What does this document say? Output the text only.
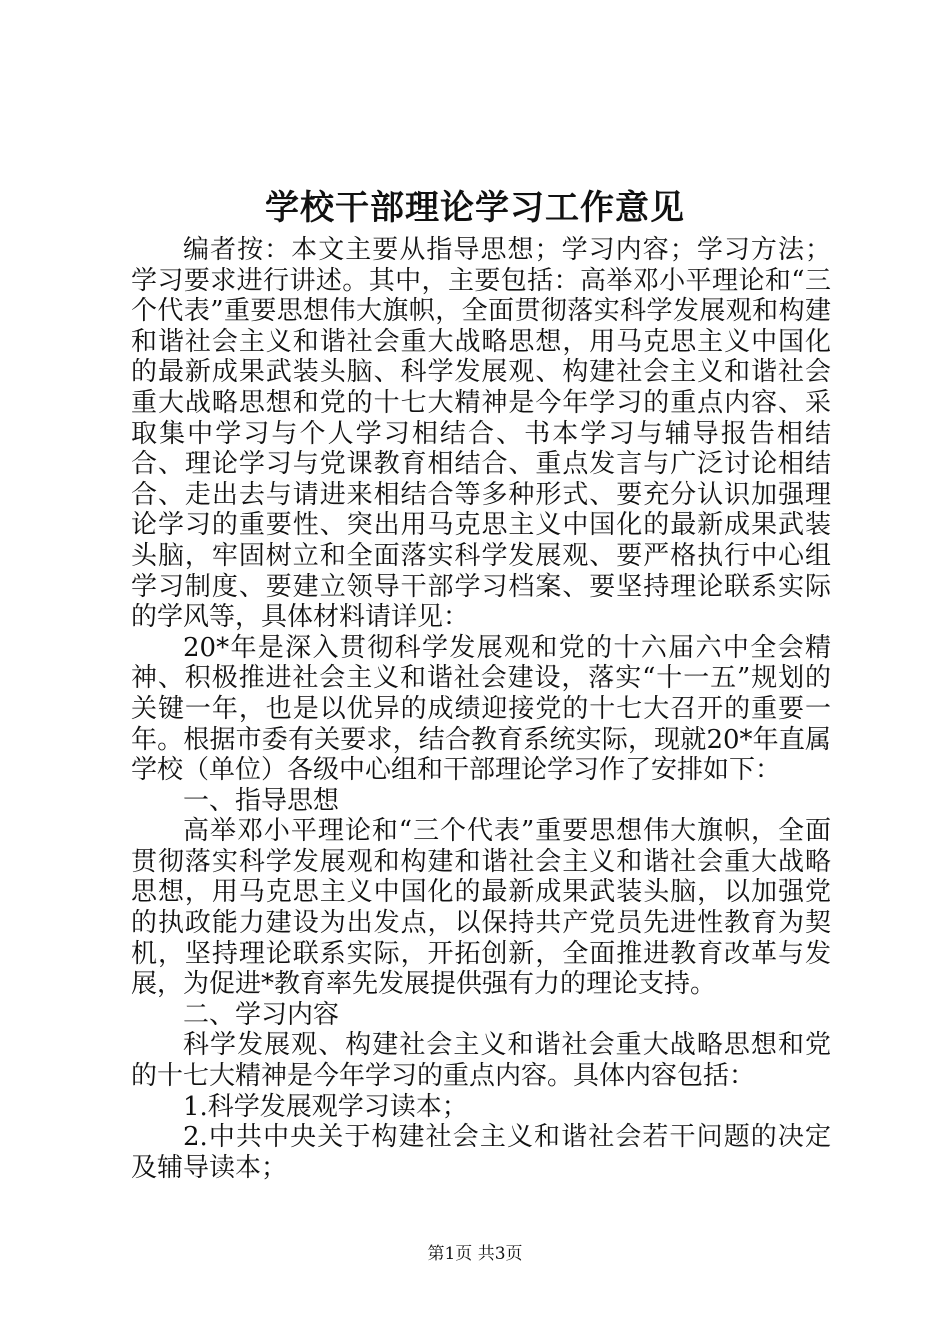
学校干部理论学习工作意见

编者按：本文主要从指导思想；学习内容；学习方法；学习要求进行讲述。其中，主要包括：高举邓小平理论和“三个代表”重要思想伟大旗帜，全面贯彻落实科学发展观和构建和谐社会主义和谐社会重大战略思想，用马克思主义中国化的最新成果武装头脑、科学发展观、构建社会主义和谐社会重大战略思想和党的十七大精神是今年学习的重点内容、采取集中学习与个人学习相结合、书本学习与辅导报告相结合、理论学习与党课教育相结合、重点发言与广泛讨论相结合、走出去与请进来相结合等多种形式、要充分认识加强理论学习的重要性、突出用马克思主义中国化的最新成果武装头脑，牢固树立和全面落实科学发展观、要严格执行中心组学习制度、要建立领导干部学习档案、要坚持理论联系实际的学风等，具体材料请详见：

20*年是深入贯彻科学发展观和党的十六届六中全会精神、积极推进社会主义和谐社会建设，落实“十一五”规划的关键一年，也是以优异的成绩迎接党的十七大召开的重要一年。根据市委有关要求，结合教育系统实际，现就20*年直属学校（单位）各级中心组和干部理论学习作了安排如下：

一、指导思想

高举邓小平理论和“三个代表”重要思想伟大旗帜，全面贯彻落实科学发展观和构建和谐社会主义和谐社会重大战略思想，用马克思主义中国化的最新成果武装头脑，以加强党的执政能力建设为出发点，以保持共产党员先进性教育为契机，坚持理论联系实际，开拓创新，全面推进教育改革与发展，为促进*教育率先发展提供强有力的理论支持。

二、学习内容

科学发展观、构建社会主义和谐社会重大战略思想和党的十七大精神是今年学习的重点内容。具体内容包括：

1.科学发展观学习读本；

2.中共中央关于构建社会主义和谐社会若干问题的决定及辅导读本；

第1页 共3页
